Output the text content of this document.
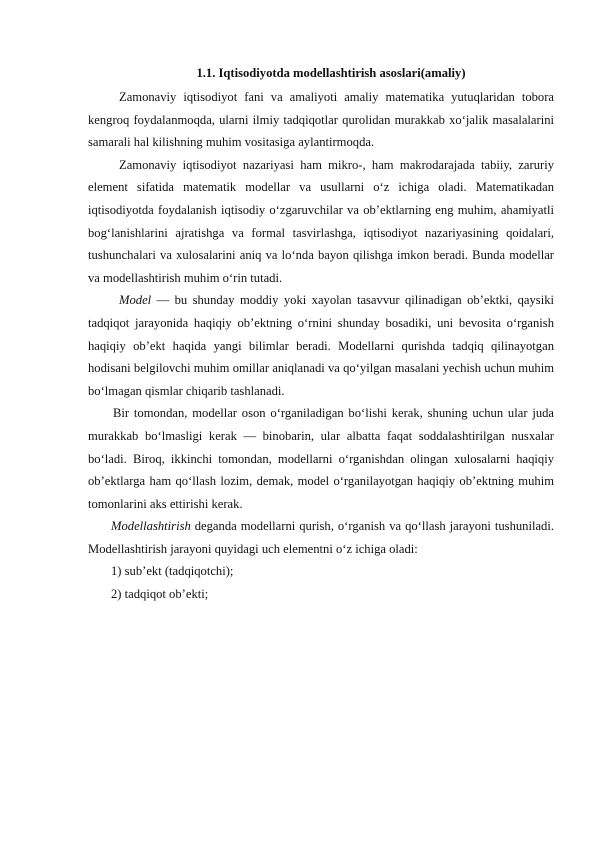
1.1. Iqtisodiyotda modellashtirish asoslari(amaliy)

Zamonaviy iqtisodiyot fani va amaliyoti amaliy matematika yutuqlaridan tobora kengroq foydalanmoqda, ularni ilmiy tadqiqotlar qurolidan murakkab xo‘jalik masalalarini samarali hal kilishning muhim vositasiga aylantirmoqda.

Zamonaviy iqtisodiyot nazariyasi ham mikro-, ham makrodarajada tabiiy, zaruriy element sifatida matematik modellar va usullarni o‘z ichiga oladi. Matematikadan iqtisodiyotda foydalanish iqtisodiy o‘zgaruvchilar va ob’ektlarning eng muhim, ahamiyatli bog‘lanishlarini ajratishga va formal tasvirlashga, iqtisodiyot nazariyasining qoidalari, tushunchalari va xulosalarini aniq va lo‘nda bayon qilishga imkon beradi. Bunda modellar va modellashtirish muhim o‘rin tutadi.

Model — bu shunday moddiy yoki xayolan tasavvur qilinadigan ob’ektki, qaysiki tadqiqot jarayonida haqiqiy ob’ektning o‘rnini shunday bosadiki, uni bevosita o‘rganish haqiqiy ob’ekt haqida yangi bilimlar beradi. Modellarni qurishda tadqiq qilinayotgan hodisani belgilovchi muhim omillar aniqlanadi va qo‘yilgan masalani yechish uchun muhim bo‘lmagan qismlar chiqarib tashlanadi.

Bir tomondan, modellar oson o‘rganiladigan bo‘lishi kerak, shuning uchun ular juda murakkab bo‘lmasligi kerak — binobarin, ular albatta faqat soddalashtirilgan nusxalar bo‘ladi. Biroq, ikkinchi tomondan, modellarni o‘rganishdan olingan xulosalarni haqiqiy ob’ektlarga ham qo‘llash lozim, demak, model o‘rganilayotgan haqiqiy ob’ektning muhim tomonlarini aks ettirishi kerak.

Modellashtirish deganda modellarni qurish, o‘rganish va qo‘llash jarayoni tushuniladi. Modellashtirish jarayoni quyidagi uch elementni o‘z ichiga oladi:

1) sub’ekt (tadqiqotchi);

2) tadqiqot ob’ekti;
